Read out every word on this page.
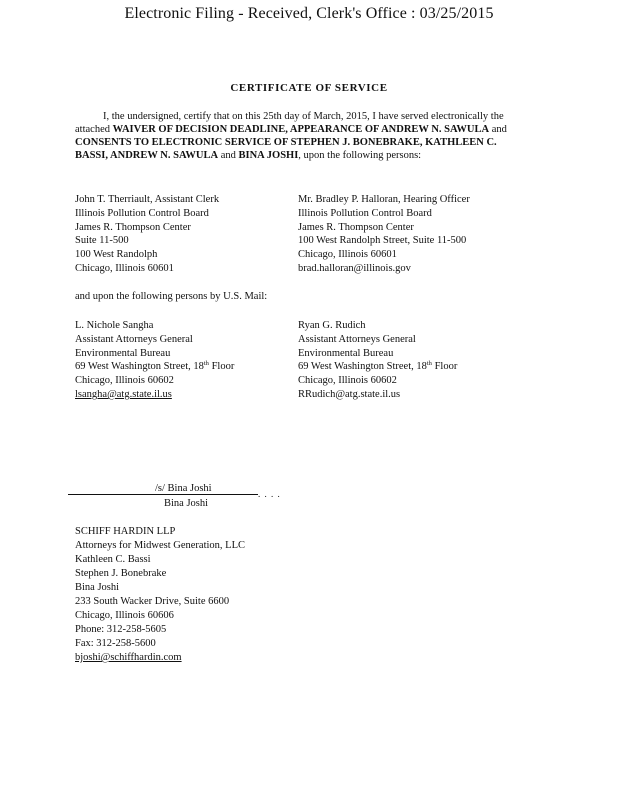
Electronic Filing - Received, Clerk's Office : 03/25/2015
CERTIFICATE OF SERVICE
I, the undersigned, certify that on this 25th day of March, 2015, I have served electronically the attached WAIVER OF DECISION DEADLINE, APPEARANCE OF ANDREW N. SAWULA and CONSENTS TO ELECTRONIC SERVICE OF STEPHEN J. BONEBRAKE, KATHLEEN C. BASSI, ANDREW N. SAWULA and BINA JOSHI, upon the following persons:
John T. Therriault, Assistant Clerk
Illinois Pollution Control Board
James R. Thompson Center
Suite 11-500
100 West Randolph
Chicago, Illinois 60601
Mr. Bradley P. Halloran, Hearing Officer
Illinois Pollution Control Board
James R. Thompson Center
100 West Randolph Street, Suite 11-500
Chicago, Illinois 60601
brad.halloran@illinois.gov
and upon the following persons by U.S. Mail:
L. Nichole Sangha
Assistant Attorneys General
Environmental Bureau
69 West Washington Street, 18th Floor
Chicago, Illinois 60602
lsangha@atg.state.il.us
Ryan G. Rudich
Assistant Attorneys General
Environmental Bureau
69 West Washington Street, 18th Floor
Chicago, Illinois 60602
RRudich@atg.state.il.us
/s/ Bina Joshi	. . . .
Bina Joshi
SCHIFF HARDIN LLP
Attorneys for Midwest Generation, LLC
Kathleen C. Bassi
Stephen J. Bonebrake
Bina Joshi
233 South Wacker Drive, Suite 6600
Chicago, Illinois 60606
Phone: 312-258-5605
Fax: 312-258-5600
bjoshi@schiffhardin.com
